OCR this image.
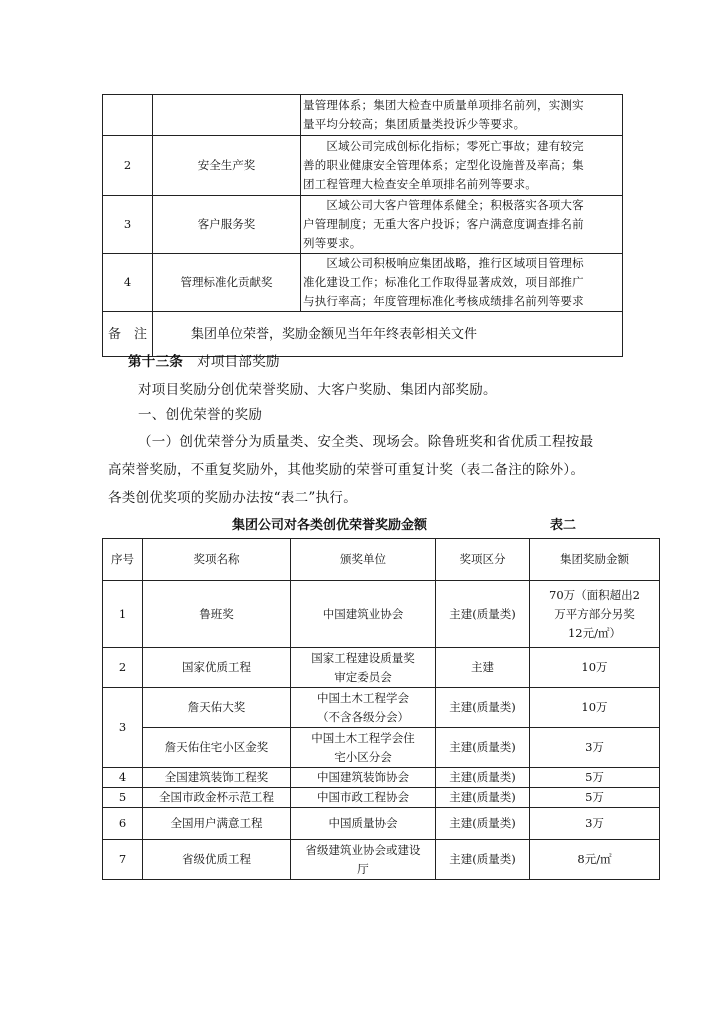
		量管理体系；集团大检查中质量单项排名前列，实测实
量平均分较高；集团质量类投诉少等要求。

2	安全生产奖	　　区域公司完成创标化指标；零死亡事故；建有较完
善的职业健康安全管理体系；定型化设施普及率高；集
团工程管理大检查安全单项排名前列等要求。

3	客户服务奖	　　区域公司大客户管理体系健全；积极落实各项大客
户管理制度；无重大客户投诉；客户满意度调查排名前
列等要求。

4	管理标准化贡献奖	　　区域公司积极响应集团战略，推行区域项目管理标
准化建设工作；标准化工作取得显著成效，项目部推广
与执行率高；年度管理标准化考核成绩排名前列等要求

备　注	集团单位荣誉，奖励金额见当年年终表彰相关文件	
第十三条　对项目部奖励
对项目奖励分创优荣誉奖励、大客户奖励、集团内部奖励。
一、创优荣誉的奖励
（一）创优荣誉分为质量类、安全类、现场会。除鲁班奖和省优质工程按最
高荣誉奖励，不重复奖励外，其他奖励的荣誉可重复计奖（表二备注的除外）。
各类创优奖项的奖励办法按“表二”执行。
集团公司对各类创优荣誉奖励金额	表二
序号	奖项名称	颁奖单位	奖项区分	集团奖励金额
1	鲁班奖	中国建筑业协会	主建(质量类)	70万（面积超出2
万平方部分另奖
12元/㎡）

2	国家优质工程	国家工程建设质量奖
审定委员会	主建	10万
3	詹天佑大奖	中国土木工程学会
（不含各级分会）	主建(质量类)	10万
	詹天佑住宅小区金奖	中国土木工程学会住
宅小区分会	主建(质量类)	3万
4	全国建筑装饰工程奖	中国建筑装饰协会	主建(质量类)	5万
5	全国市政金杯示范工程	中国市政工程协会	主建(质量类)	5万
6	全国用户满意工程	中国质量协会	主建(质量类)	3万
7	省级优质工程	省级建筑业协会或建设
厅	主建(质量类)	8元/㎡
